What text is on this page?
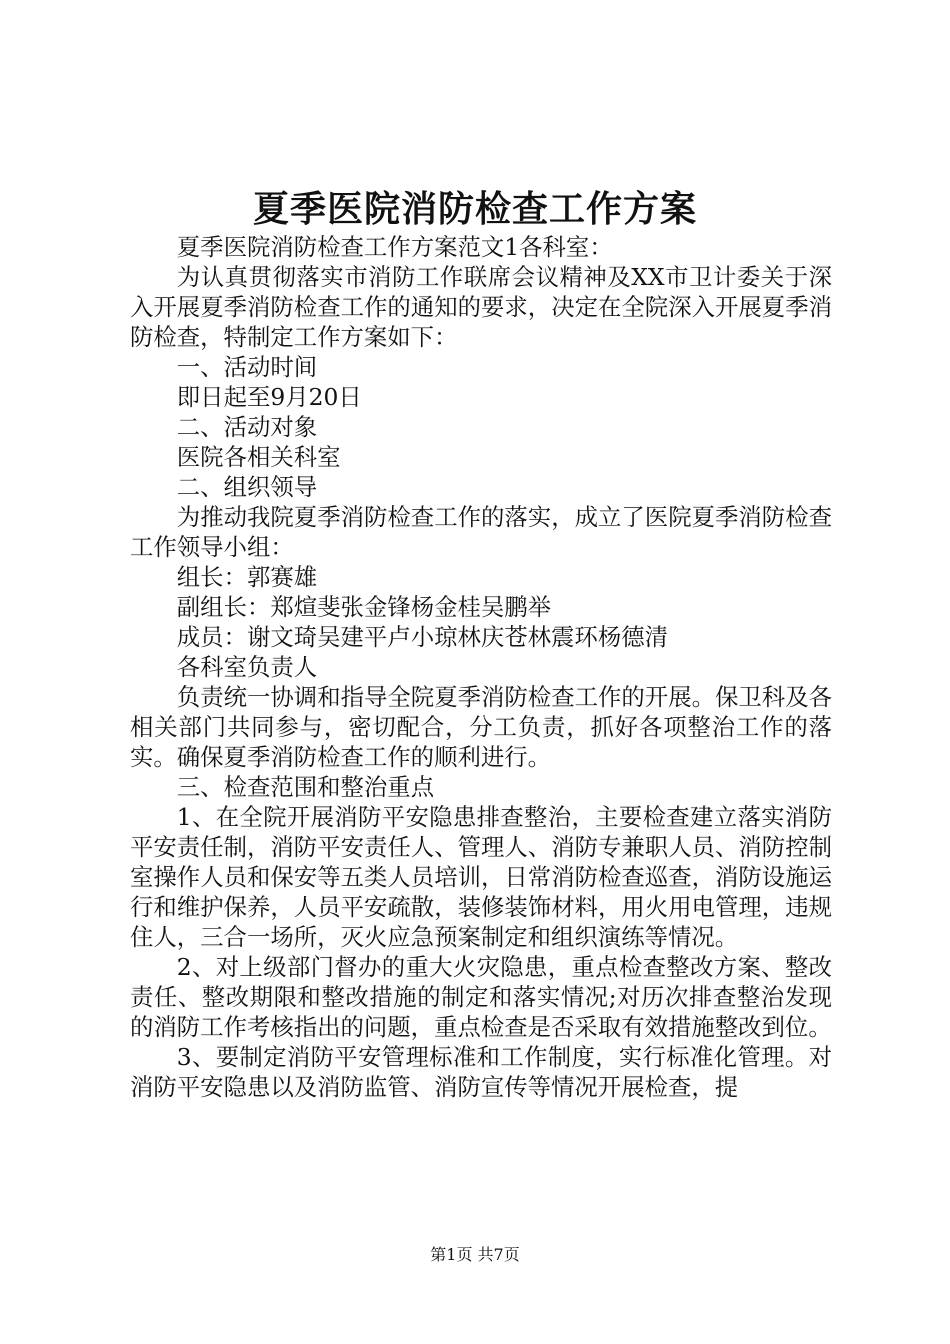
夏季医院消防检查工作方案

夏季医院消防检查工作方案范文1各科室：

为认真贯彻落实市消防工作联席会议精神及XX市卫计委关于深入开展夏季消防检查工作的通知的要求，决定在全院深入开展夏季消防检查，特制定工作方案如下：

一、活动时间

即日起至9月20日

二、活动对象

医院各相关科室

二、组织领导

为推动我院夏季消防检查工作的落实，成立了医院夏季消防检查工作领导小组：

组长：郭赛雄

副组长：郑煊斐张金锋杨金桂吴鹏举

成员：谢文琦吴建平卢小琼林庆苍林震环杨德清

各科室负责人

负责统一协调和指导全院夏季消防检查工作的开展。保卫科及各相关部门共同参与，密切配合，分工负责，抓好各项整治工作的落实。确保夏季消防检查工作的顺利进行。

三、检查范围和整治重点

1、在全院开展消防平安隐患排查整治，主要检查建立落实消防平安责任制，消防平安责任人、管理人、消防专兼职人员、消防控制室操作人员和保安等五类人员培训，日常消防检查巡查，消防设施运行和维护保养，人员平安疏散，装修装饰材料，用火用电管理，违规住人，三合一场所，灭火应急预案制定和组织演练等情况。

2、对上级部门督办的重大火灾隐患，重点检查整改方案、整改责任、整改期限和整改措施的制定和落实情况;对历次排查整治发现的消防工作考核指出的问题，重点检查是否采取有效措施整改到位。

3、要制定消防平安管理标准和工作制度，实行标准化管理。对消防平安隐患以及消防监管、消防宣传等情况开展检查，提

第1页 共7页
